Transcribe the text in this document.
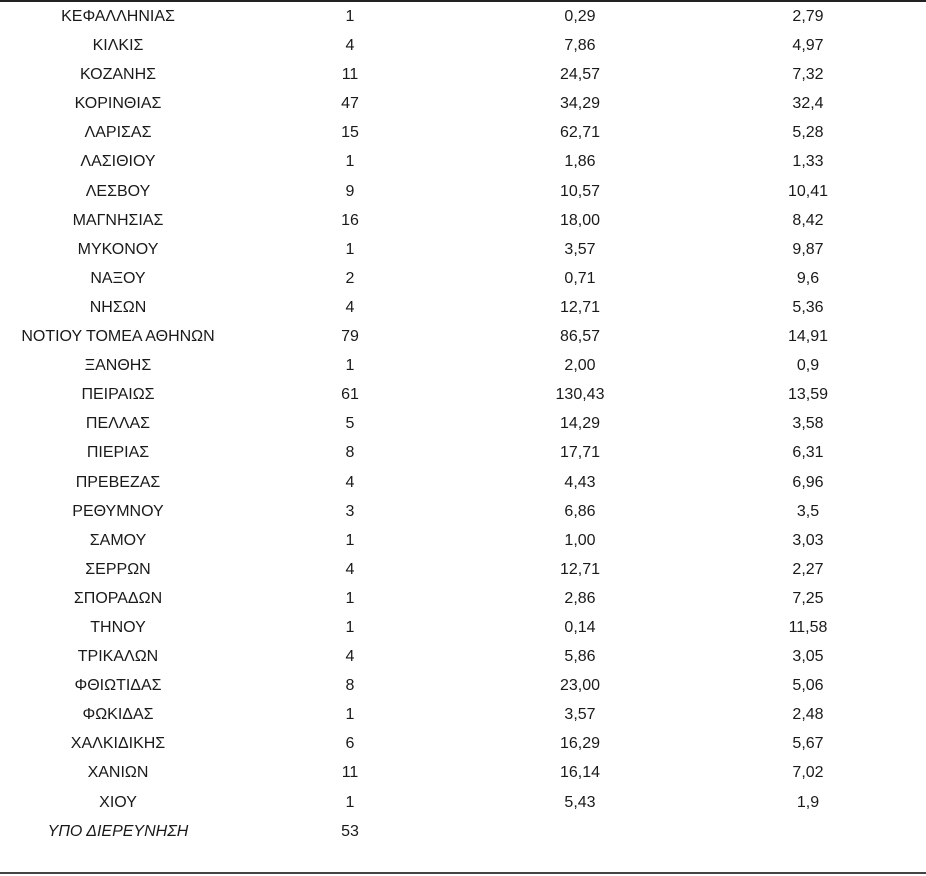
ΚΕΦΑΛΛΗΝΙΑΣ	1	0,29	2,79
ΚΙΛΚΙΣ	4	7,86	4,97
ΚΟΖΑΝΗΣ	11	24,57	7,32
ΚΟΡΙΝΘΙΑΣ	47	34,29	32,4
ΛΑΡΙΣΑΣ	15	62,71	5,28
ΛΑΣΙΘΙΟΥ	1	1,86	1,33
ΛΕΣΒΟΥ	9	10,57	10,41
ΜΑΓΝΗΣΙΑΣ	16	18,00	8,42
ΜΥΚΟΝΟΥ	1	3,57	9,87
ΝΑΞΟΥ	2	0,71	9,6
ΝΗΣΩΝ	4	12,71	5,36
ΝΟΤΙΟΥ ΤΟΜΕΑ ΑΘΗΝΩΝ	79	86,57	14,91
ΞΑΝΘΗΣ	1	2,00	0,9
ΠΕΙΡΑΙΩΣ	61	130,43	13,59
ΠΕΛΛΑΣ	5	14,29	3,58
ΠΙΕΡΙΑΣ	8	17,71	6,31
ΠΡΕΒΕΖΑΣ	4	4,43	6,96
ΡΕΘΥΜΝΟΥ	3	6,86	3,5
ΣΑΜΟΥ	1	1,00	3,03
ΣΕΡΡΩΝ	4	12,71	2,27
ΣΠΟΡΑΔΩΝ	1	2,86	7,25
ΤΗΝΟΥ	1	0,14	11,58
ΤΡΙΚΑΛΩΝ	4	5,86	3,05
ΦΘΙΩΤΙΔΑΣ	8	23,00	5,06
ΦΩΚΙΔΑΣ	1	3,57	2,48
ΧΑΛΚΙΔΙΚΗΣ	6	16,29	5,67
ΧΑΝΙΩΝ	11	16,14	7,02
ΧΙΟΥ	1	5,43	1,9
ΥΠΟ ΔΙΕΡΕΥΝΗΣΗ	53
